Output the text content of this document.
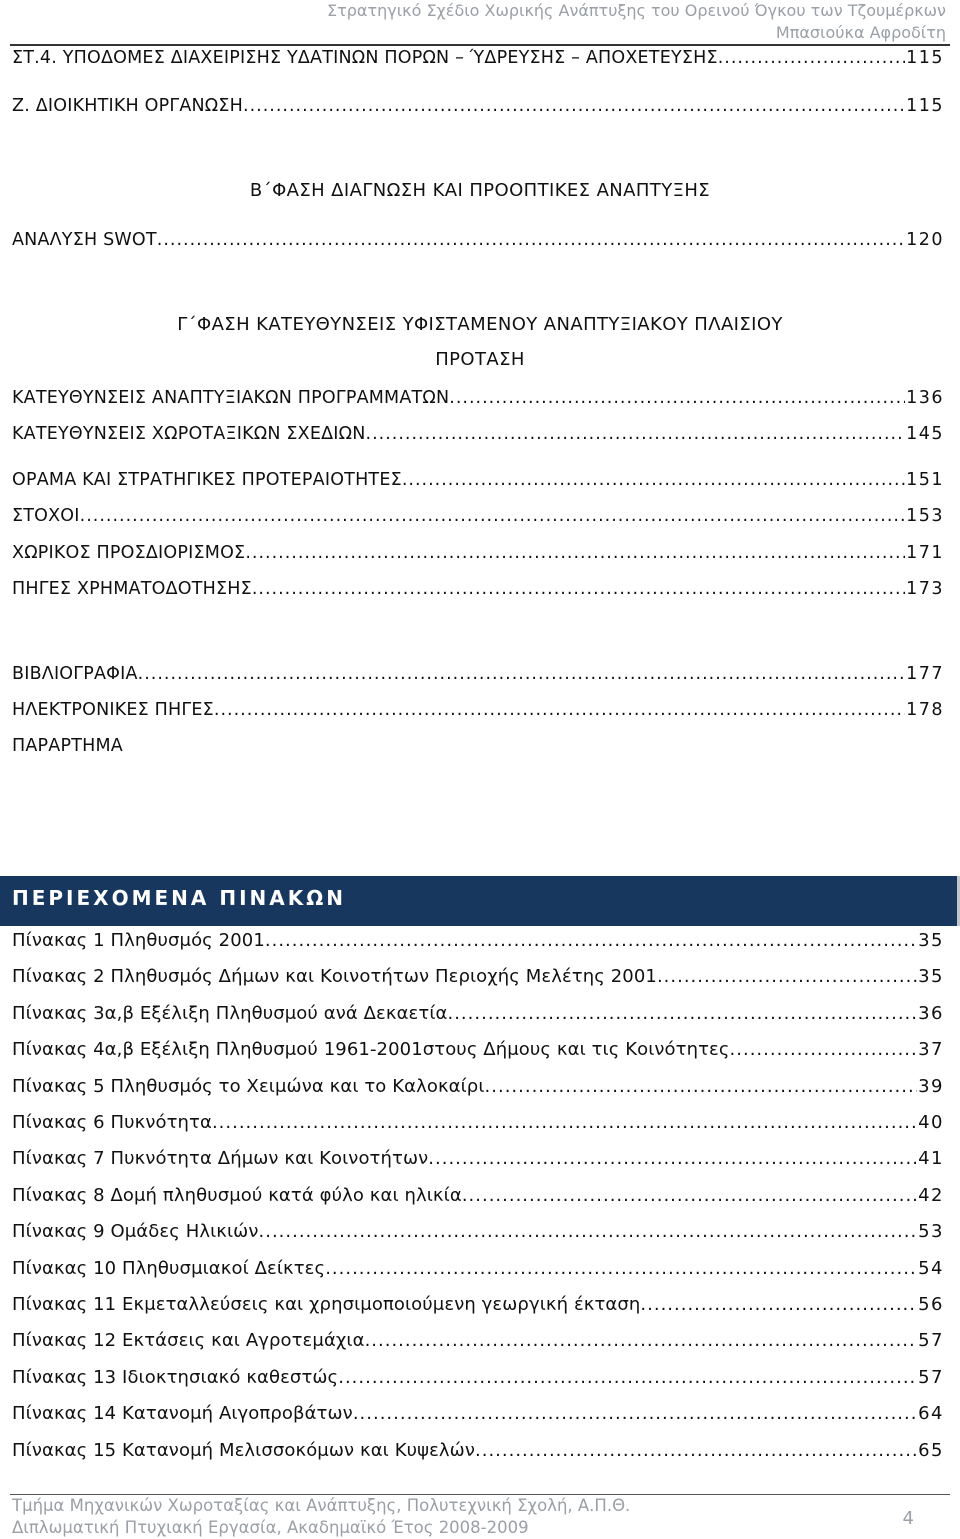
Στρατηγικό Σχέδιο Χωρικής Ανάπτυξης του Ορεινού Όγκου των Τζουμέρκων
Μπασιούκα Αφροδίτη
ΣΤ.4. ΥΠΟΔΟΜΕΣ ΔΙΑΧΕΙΡΙΣΗΣ ΥΔΑΤΙΝΩΝ ΠΟΡΩΝ – ΎΔΡΕΥΣΗΣ – ΑΠΟΧΕΤΕΥΣΗΣ .....	115
Ζ. ΔΙΟΙΚΗΤΙΚΗ ΟΡΓΑΝΩΣΗ .....	115
Β΄ΦΑΣΗ ΔΙΑΓΝΩΣΗ ΚΑΙ ΠΡΟΟΠΤΙΚΕΣ ΑΝΑΠΤΥΞΗΣ
ΑΝΑΛΥΣΗ SWOT .....	120
Γ΄ΦΑΣΗ ΚΑΤΕΥΘΥΝΣΕΙΣ ΥΦΙΣΤΑΜΕΝΟΥ ΑΝΑΠΤΥΞΙΑΚΟΥ ΠΛΑΙΣΙΟΥ
ΠΡΟΤΑΣΗ
ΚΑΤΕΥΘΥΝΣΕΙΣ ΑΝΑΠΤΥΞΙΑΚΩΝ ΠΡΟΓΡΑΜΜΑΤΩΝ .....	136
ΚΑΤΕΥΘΥΝΣΕΙΣ ΧΩΡΟΤΑΞΙΚΩΝ ΣΧΕΔΙΩΝ .....	145
ΟΡΑΜΑ ΚΑΙ ΣΤΡΑΤΗΓΙΚΕΣ ΠΡΟΤΕΡΑΙΟΤΗΤΕΣ .....	151
ΣΤΟΧΟΙ .....	153
ΧΩΡΙΚΟΣ ΠΡΟΣΔΙΟΡΙΣΜΟΣ .....	171
ΠΗΓΕΣ ΧΡΗΜΑΤΟΔΟΤΗΣΗΣ .....	173
ΒΙΒΛΙΟΓΡΑΦΙΑ .....	177
ΗΛΕΚΤΡΟΝΙΚΕΣ ΠΗΓΕΣ .....	178
ΠΑΡΑΡΤΗΜΑ
ΠΕΡΙΕΧΟΜΕΝΑ ΠΙΝΑΚΩΝ
Πίνακας 1 Πληθυσμός 2001 .....	35
Πίνακας 2 Πληθυσμός Δήμων και Κοινοτήτων Περιοχής Μελέτης 2001 .....	35
Πίνακας 3α,β Εξέλιξη Πληθυσμού ανά Δεκαετία .....	36
Πίνακας 4α,β Εξέλιξη Πληθυσμού 1961-2001στους Δήμους και τις Κοινότητες .....	37
Πίνακας 5 Πληθυσμός το Χειμώνα και το Καλοκαίρι .....	39
Πίνακας 6 Πυκνότητα .....	40
Πίνακας 7 Πυκνότητα Δήμων και Κοινοτήτων .....	41
Πίνακας 8 Δομή πληθυσμού κατά φύλο και ηλικία .....	42
Πίνακας 9 Ομάδες Ηλικιών .....	53
Πίνακας 10 Πληθυσμιακοί Δείκτες .....	54
Πίνακας 11 Εκμεταλλεύσεις και χρησιμοποιούμενη γεωργική έκταση .....	56
Πίνακας 12 Εκτάσεις και Αγροτεμάχια .....	57
Πίνακας 13 Ιδιοκτησιακό καθεστώς .....	57
Πίνακας 14 Κατανομή Αιγοπροβάτων .....	64
Πίνακας 15 Κατανομή Μελισσοκόμων και Κυψελών .....	65
Τμήμα Μηχανικών Χωροταξίας και Ανάπτυξης, Πολυτεχνική Σχολή, Α.Π.Θ.
Διπλωματική Πτυχιακή Εργασία, Ακαδημαϊκό Έτος 2008-2009	4
